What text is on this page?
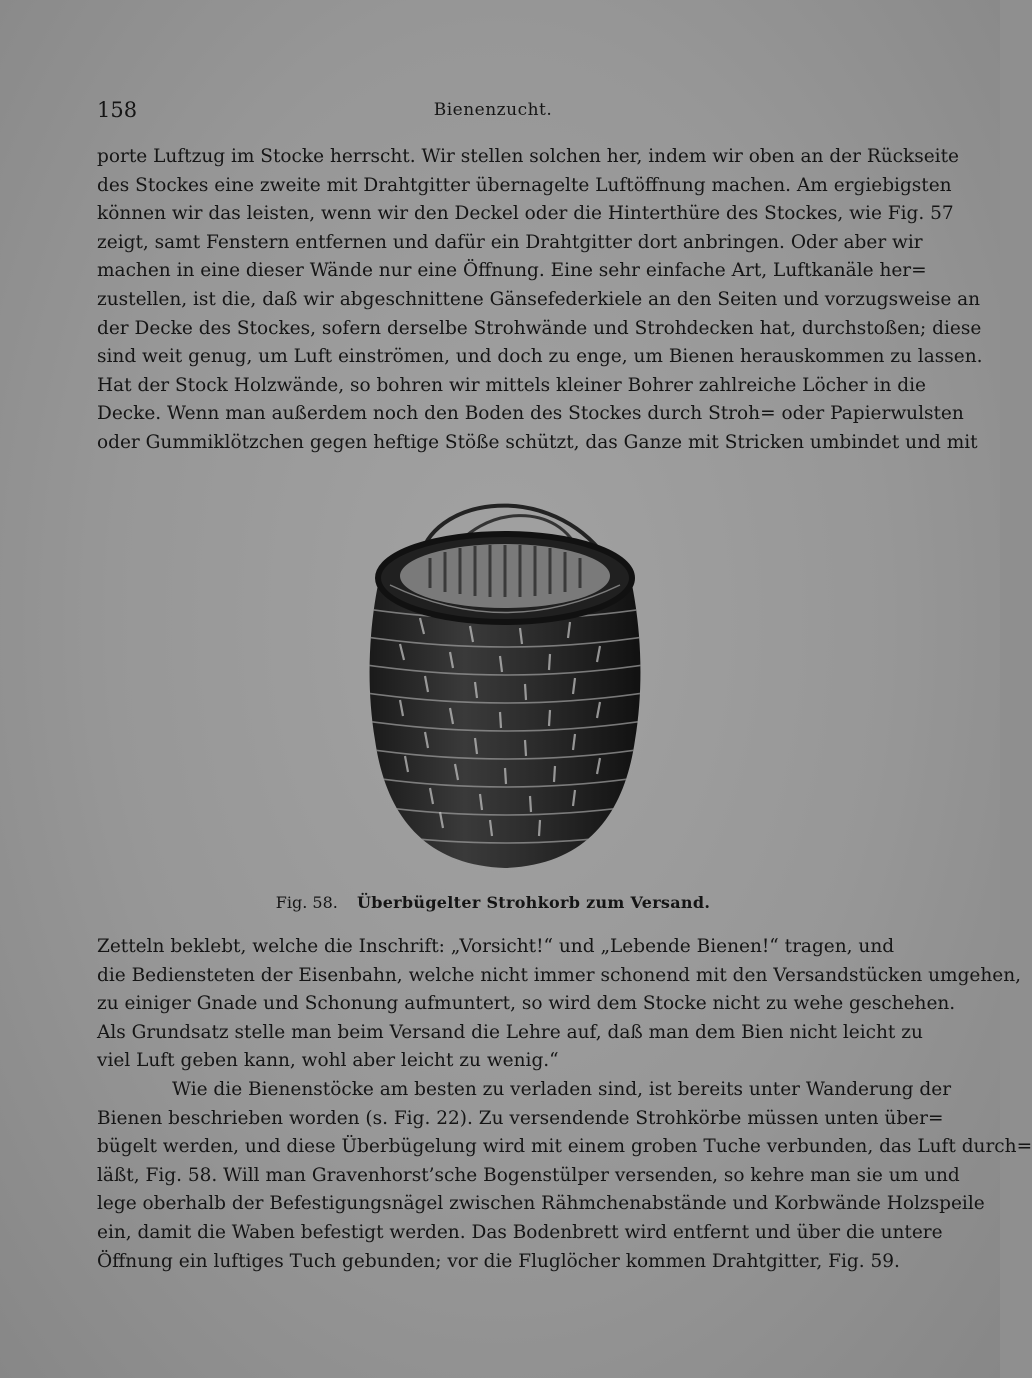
158	Bienenzucht.
porte Luftzug im Stocke herrscht. Wir stellen solchen her, indem wir oben an der Rückseite
des Stockes eine zweite mit Drahtgitter übernagelte Luftöffnung machen. Am ergiebigsten
können wir das leisten, wenn wir den Deckel oder die Hinterthüre des Stockes, wie Fig. 57
zeigt, samt Fenstern entfernen und dafür ein Drahtgitter dort anbringen. Oder aber wir
machen in eine dieser Wände nur eine Öffnung. Eine sehr einfache Art, Luftkanäle her=
zustellen, ist die, daß wir abgeschnittene Gänsefederkiele an den Seiten und vorzugsweise an
der Decke des Stockes, sofern derselbe Strohwände und Strohdecken hat, durchstoßen; diese
sind weit genug, um Luft einströmen, und doch zu enge, um Bienen herauskommen zu lassen.
Hat der Stock Holzwände, so bohren wir mittels kleiner Bohrer zahlreiche Löcher in die
Decke. Wenn man außerdem noch den Boden des Stockes durch Stroh= oder Papierwulsten
oder Gummiklötzchen gegen heftige Stöße schützt, das Ganze mit Stricken umbindet und mit
Fig. 58. Überbügelter Strohkorb zum Versand.
Zetteln beklebt, welche die Inschrift: „Vorsicht!“ und „Lebende Bienen!“ tragen, und
die Bediensteten der Eisenbahn, welche nicht immer schonend mit den Versandstücken umgehen,
zu einiger Gnade und Schonung aufmuntert, so wird dem Stocke nicht zu wehe geschehen.
Als Grundsatz stelle man beim Versand die Lehre auf, daß man dem Bien nicht leicht zu
viel Luft geben kann, wohl aber leicht zu wenig.“
Wie die Bienenstöcke am besten zu verladen sind, ist bereits unter Wanderung der
Bienen beschrieben worden (s. Fig. 22). Zu versendende Strohkörbe müssen unten über=
bügelt werden, und diese Überbügelung wird mit einem groben Tuche verbunden, das Luft durch=
läßt, Fig. 58. Will man Gravenhorst’sche Bogenstülper versenden, so kehre man sie um und
lege oberhalb der Befestigungsnägel zwischen Rähmchenabstände und Korbwände Holzspeile
ein, damit die Waben befestigt werden. Das Bodenbrett wird entfernt und über die untere
Öffnung ein luftiges Tuch gebunden; vor die Fluglöcher kommen Drahtgitter, Fig. 59.
